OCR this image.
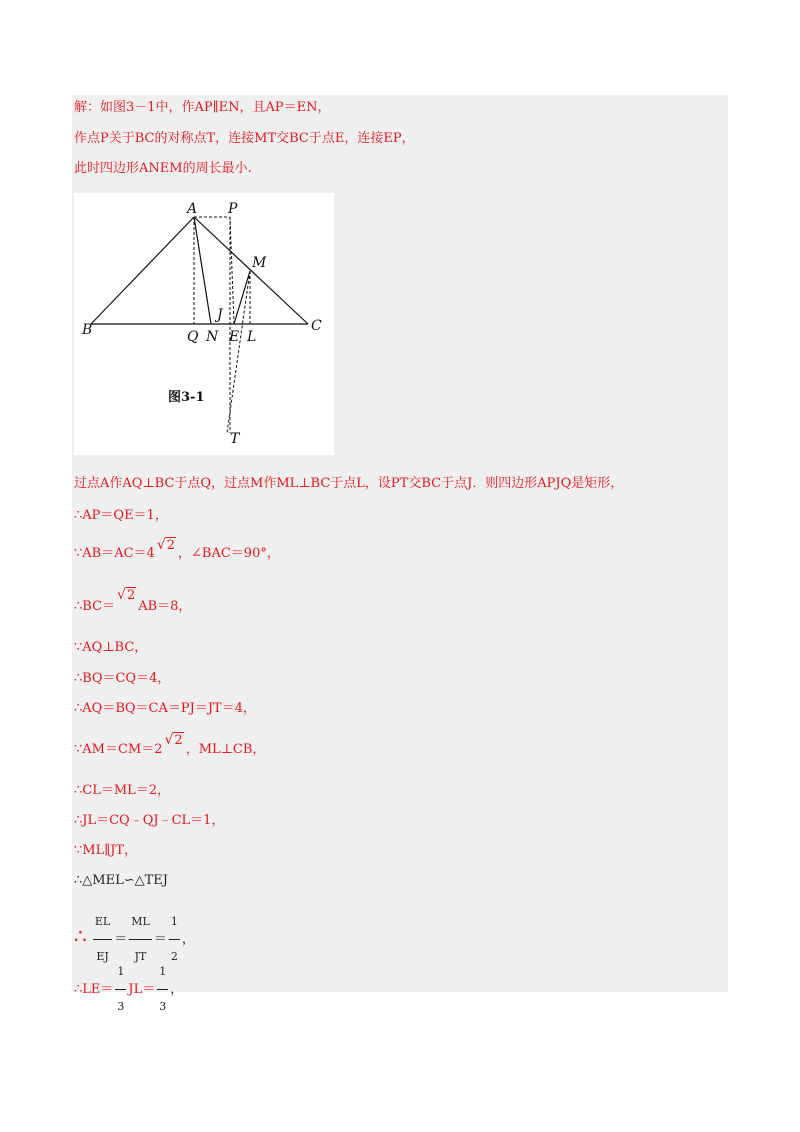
解：如图3－1中，作AP∥EN，且AP＝EN，
作点P关于BC的对称点T，连接MT交BC于点E，连接EP，
此时四边形ANEM的周长最小.
A P
M
B	C
Q N E L
J
T
图3-1
过点A作AQ⊥BC于点Q，过点M作ML⊥BC于点L，设PT交BC于点J．则四边形APJQ是矩形，
∴AP＝QE＝1，
∵AB＝AC＝4√2，∠BAC＝90°，
∴BC＝√2AB＝8，
∵AQ⊥BC，
∴BQ＝CQ＝4，
∴AQ＝BQ＝CA＝PJ＝JT＝4，
∵AM＝CM＝2√2，ML⊥CB，
∴CL＝ML＝2，
∴JL＝CQ﹣QJ﹣CL＝1，
∵ML∥JT，
∴△MEL∽△TEJ
∴ $\frac{EL}{EJ} = \frac{ML}{JT} = \frac{1}{2}$ ，
∴LE＝ $\frac{1}{3} JL= \frac{1}{3}$ ，
